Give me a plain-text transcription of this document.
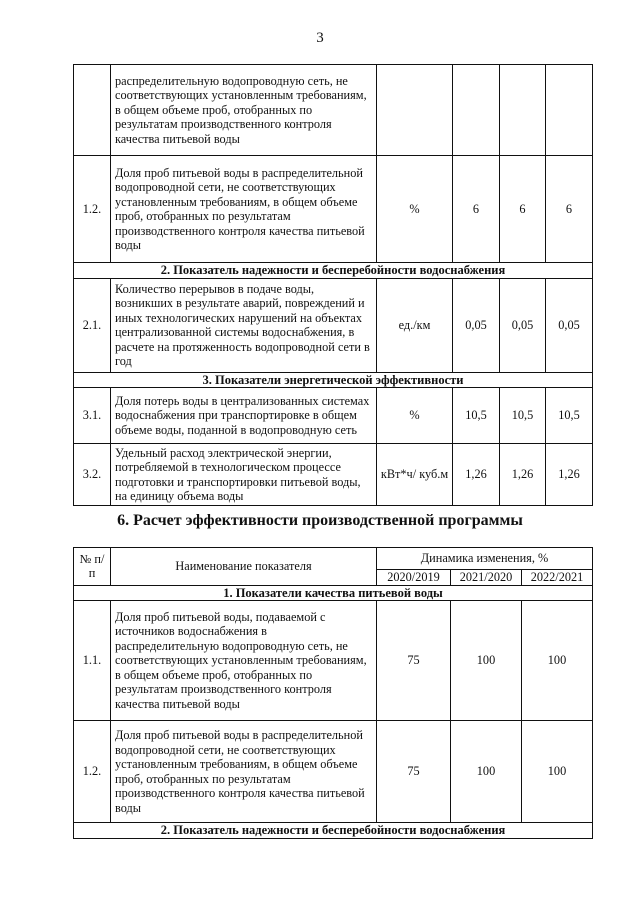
3
	распределительную водопроводную сеть, не соответствующих установленным требованиям, в общем объеме проб, отобранных по результатам производственного контроля качества питьевой воды				
1.2.	Доля проб питьевой воды в распределительной водопроводной сети, не соответствующих установленным требованиям, в общем объеме проб, отобранных по результатам производственного контроля качества питьевой воды	%	6	6	6
2. Показатель надежности и бесперебойности водоснабжения					
2.1.	Количество перерывов в подаче воды, возникших в результате аварий, повреждений и иных технологических нарушений на объектах централизованной системы водоснабжения, в расчете на протяженность водопроводной сети в год	ед./км	0,05	0,05	0,05
3. Показатели энергетической эффективности					
3.1.	Доля потерь воды в централизованных системах водоснабжения при транспортировке в общем объеме воды, поданной в водопроводную сеть	%	10,5	10,5	10,5
3.2.	Удельный расход электрической энергии, потребляемой в технологическом процессе подготовки и транспортировки питьевой воды, на единицу объема воды	кВт*ч/ куб.м	1,26	1,26	1,26
6. Расчет эффективности производственной программы
№ п/п	Наименование показателя	Динамика изменения, %		
		2020/2019	2021/2020	2022/2021
1. Показатели качества питьевой воды				
1.1.	Доля проб питьевой воды, подаваемой с источников водоснабжения в распределительную водопроводную сеть, не соответствующих установленным требованиям, в общем объеме проб, отобранных по результатам производственного контроля качества питьевой воды	75	100	100
1.2.	Доля проб питьевой воды в распределительной водопроводной сети, не соответствующих установленным требованиям, в общем объеме проб, отобранных по результатам производственного контроля качества питьевой воды	75	100	100
2. Показатель надежности и бесперебойности водоснабжения				
